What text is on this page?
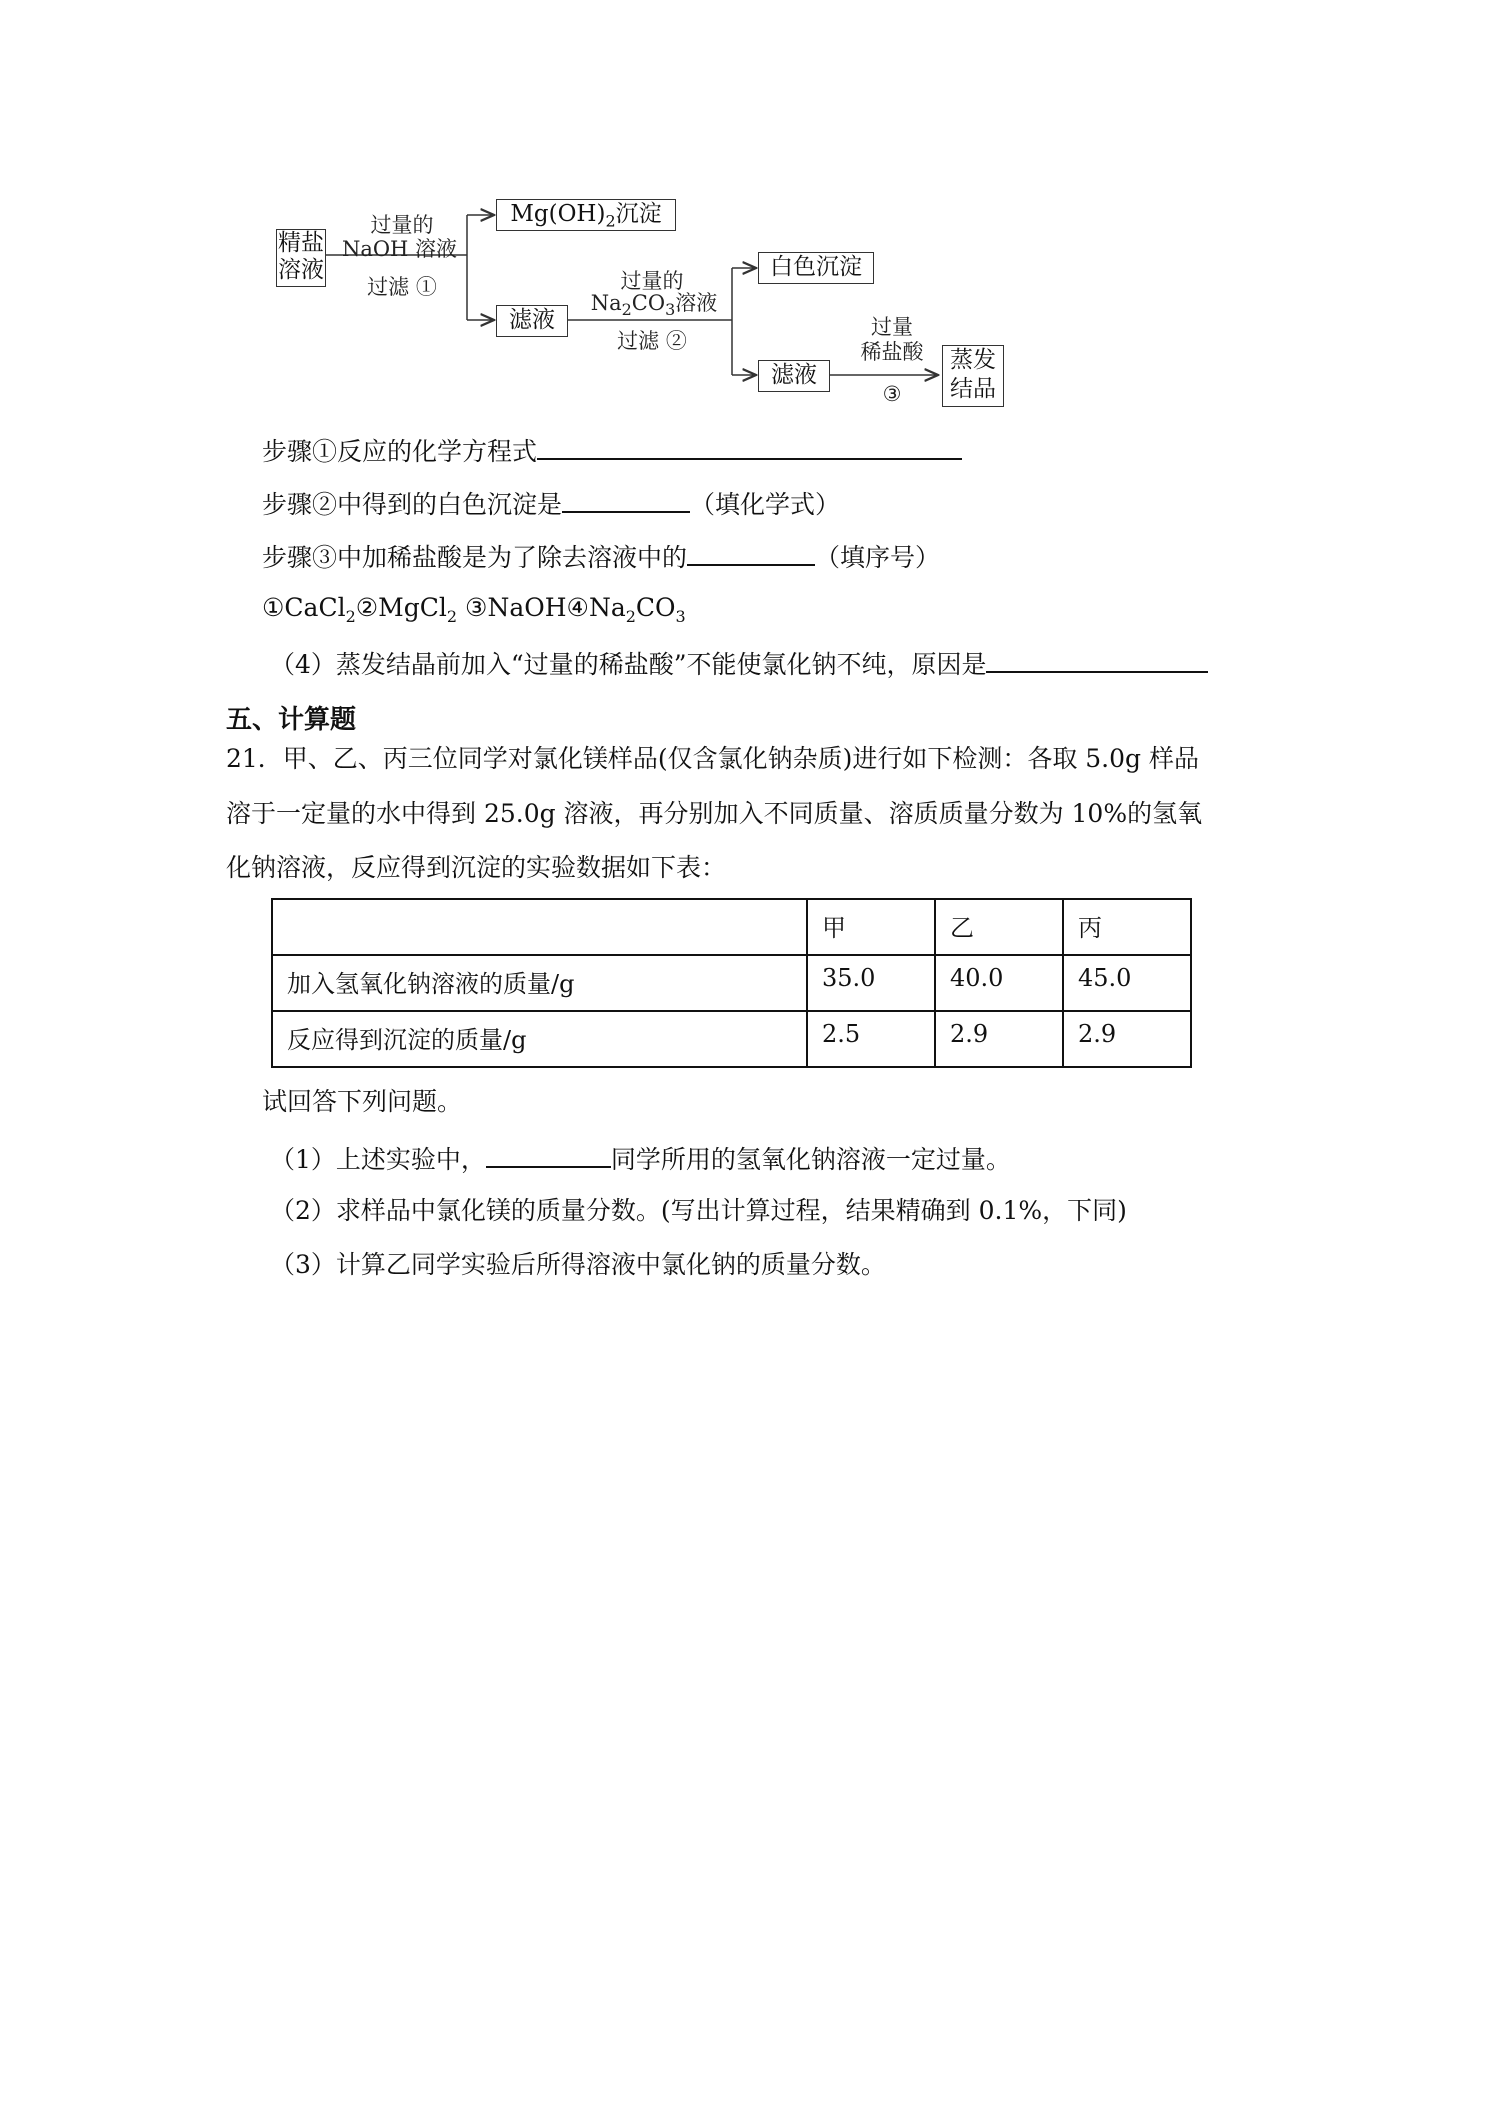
精盐
溶液
过量的
NaOH 溶液
过滤 ①
$Mg(OH)_2$沉淀
滤液
过量的
$Na_2CO_3$溶液
过滤 ②
白色沉淀
滤液
过量
稀盐酸
③
蒸发
结品
步骤①反应的化学方程式
步骤②中得到的白色沉淀是	（填化学式）
步骤③中加稀盐酸是为了除去溶液中的	（填序号）
①CaCl$_2$②MgCl$_2$ $③NaOH④Na_2CO_3$
（4）蒸发结晶前加入“过量的稀盐酸”不能使氯化钠不纯，原因是
五、计算题
21．甲、乙、丙三位同学对氯化镁样品(仅含氯化钠杂质)进行如下检测：各取 5.0g 样品
溶于一定量的水中得到 25.0g 溶液，再分别加入不同质量、溶质质量分数为 10%的氢氧
化钠溶液，反应得到沉淀的实验数据如下表：
	甲	乙	丙
加入氢氧化钠溶液的质量/g	35.0	40.0	45.0
反应得到沉淀的质量/g	2.5	2.9	2.9
试回答下列问题。
（1）上述实验中，	同学所用的氢氧化钠溶液一定过量。
（2）求样品中氯化镁的质量分数。(写出计算过程，结果精确到 0.1%，下同)
（3）计算乙同学实验后所得溶液中氯化钠的质量分数。
